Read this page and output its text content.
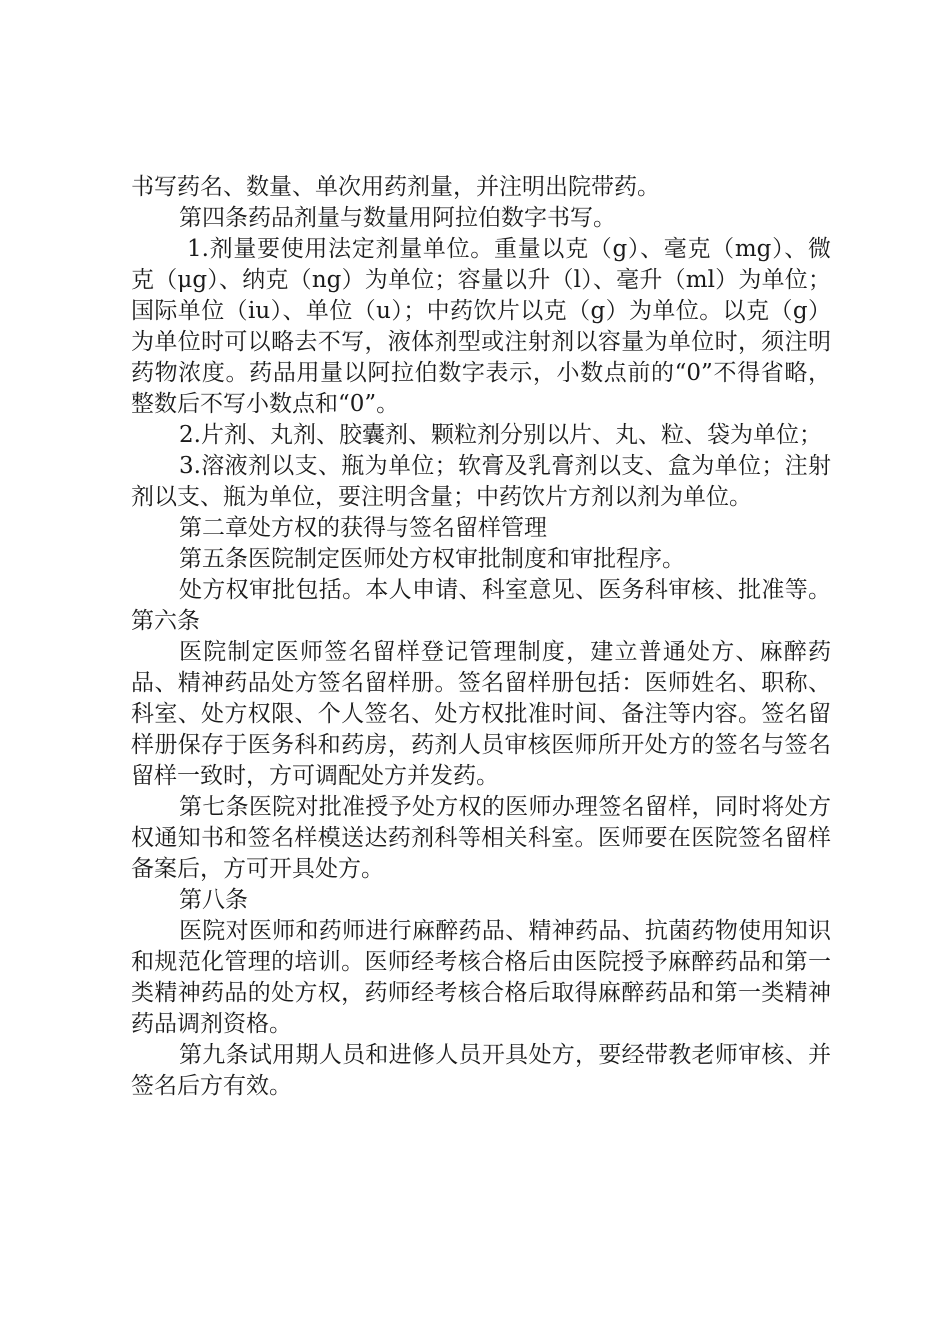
书写药名、数量、单次用药剂量，并注明出院带药。

第四条药品剂量与数量用阿拉伯数字书写。

1.剂量要使用法定剂量单位。重量以克（g）、毫克（mg）、微克（μg）、纳克（ng）为单位；容量以升（l）、毫升（ml）为单位；国际单位（iu）、单位（u）；中药饮片以克（g）为单位。以克（g）为单位时可以略去不写，液体剂型或注射剂以容量为单位时，须注明药物浓度。药品用量以阿拉伯数字表示，小数点前的“0”不得省略，整数后不写小数点和“0”。

2.片剂、丸剂、胶囊剂、颗粒剂分别以片、丸、粒、袋为单位；

3.溶液剂以支、瓶为单位；软膏及乳膏剂以支、盒为单位；注射剂以支、瓶为单位，要注明含量；中药饮片方剂以剂为单位。

第二章处方权的获得与签名留样管理

第五条医院制定医师处方权审批制度和审批程序。

处方权审批包括。本人申请、科室意见、医务科审核、批准等。第六条

医院制定医师签名留样登记管理制度，建立普通处方、麻醉药品、精神药品处方签名留样册。签名留样册包括：医师姓名、职称、科室、处方权限、个人签名、处方权批准时间、备注等内容。签名留样册保存于医务科和药房，药剂人员审核医师所开处方的签名与签名留样一致时，方可调配处方并发药。

第七条医院对批准授予处方权的医师办理签名留样，同时将处方权通知书和签名样模送达药剂科等相关科室。医师要在医院签名留样备案后，方可开具处方。

第八条

医院对医师和药师进行麻醉药品、精神药品、抗菌药物使用知识和规范化管理的培训。医师经考核合格后由医院授予麻醉药品和第一类精神药品的处方权，药师经考核合格后取得麻醉药品和第一类精神药品调剂资格。

第九条试用期人员和进修人员开具处方，要经带教老师审核、并签名后方有效。
